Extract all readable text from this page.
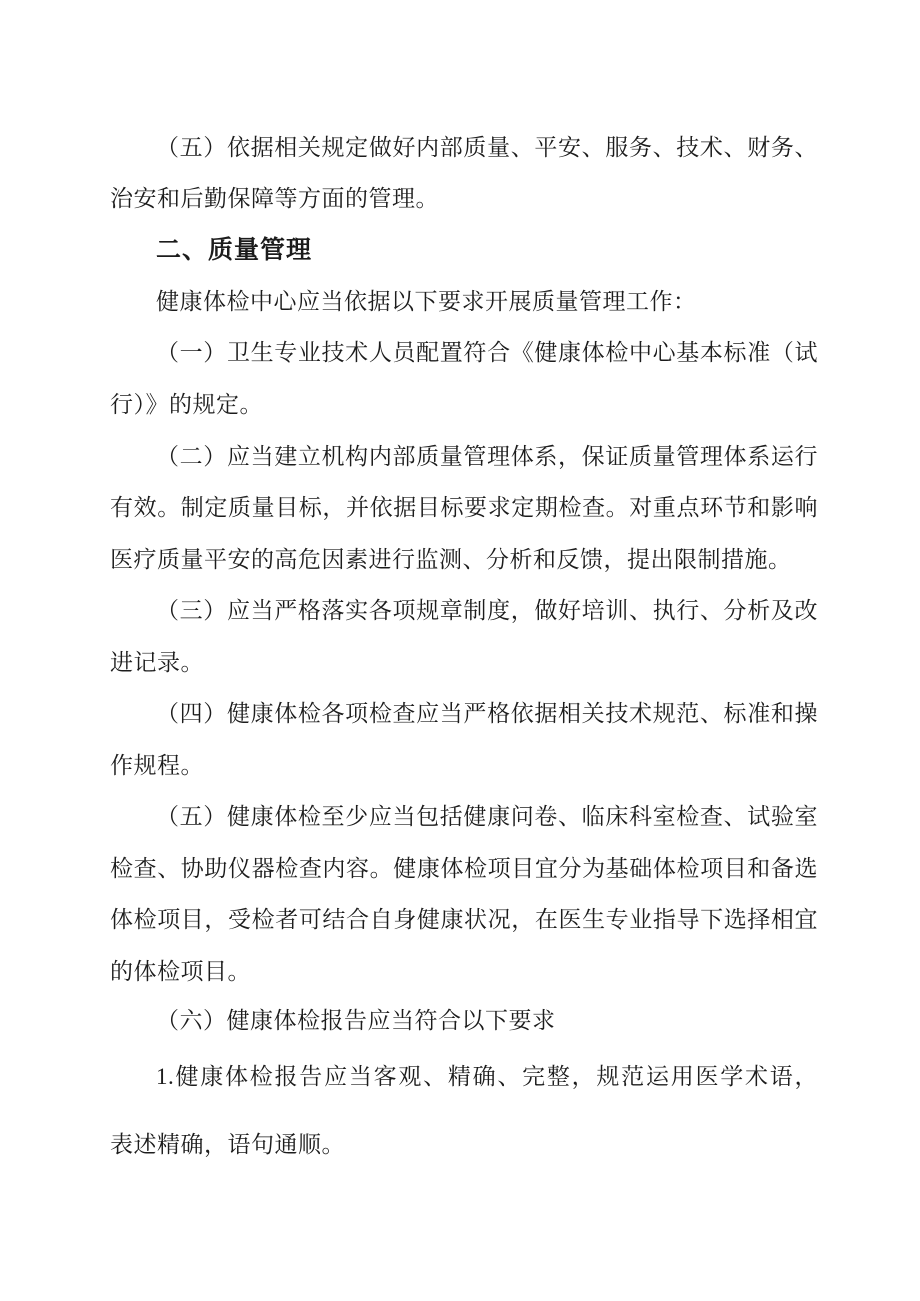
（五）依据相关规定做好内部质量、平安、服务、技术、财务、
治安和后勤保障等方面的管理。
二、质量管理
健康体检中心应当依据以下要求开展质量管理工作：
（一）卫生专业技术人员配置符合《健康体检中心基本标准（试
行）》的规定。
（二）应当建立机构内部质量管理体系，保证质量管理体系运行
有效。制定质量目标，并依据目标要求定期检查。对重点环节和影响
医疗质量平安的高危因素进行监测、分析和反馈，提出限制措施。
（三）应当严格落实各项规章制度，做好培训、执行、分析及改
进记录。
（四）健康体检各项检查应当严格依据相关技术规范、标准和操
作规程。
（五）健康体检至少应当包括健康问卷、临床科室检查、试验室
检查、协助仪器检查内容。健康体检项目宜分为基础体检项目和备选
体检项目，受检者可结合自身健康状况，在医生专业指导下选择相宜
的体检项目。
（六）健康体检报告应当符合以下要求
1.健康体检报告应当客观、精确、完整，规范运用医学术语，
表述精确，语句通顺。
